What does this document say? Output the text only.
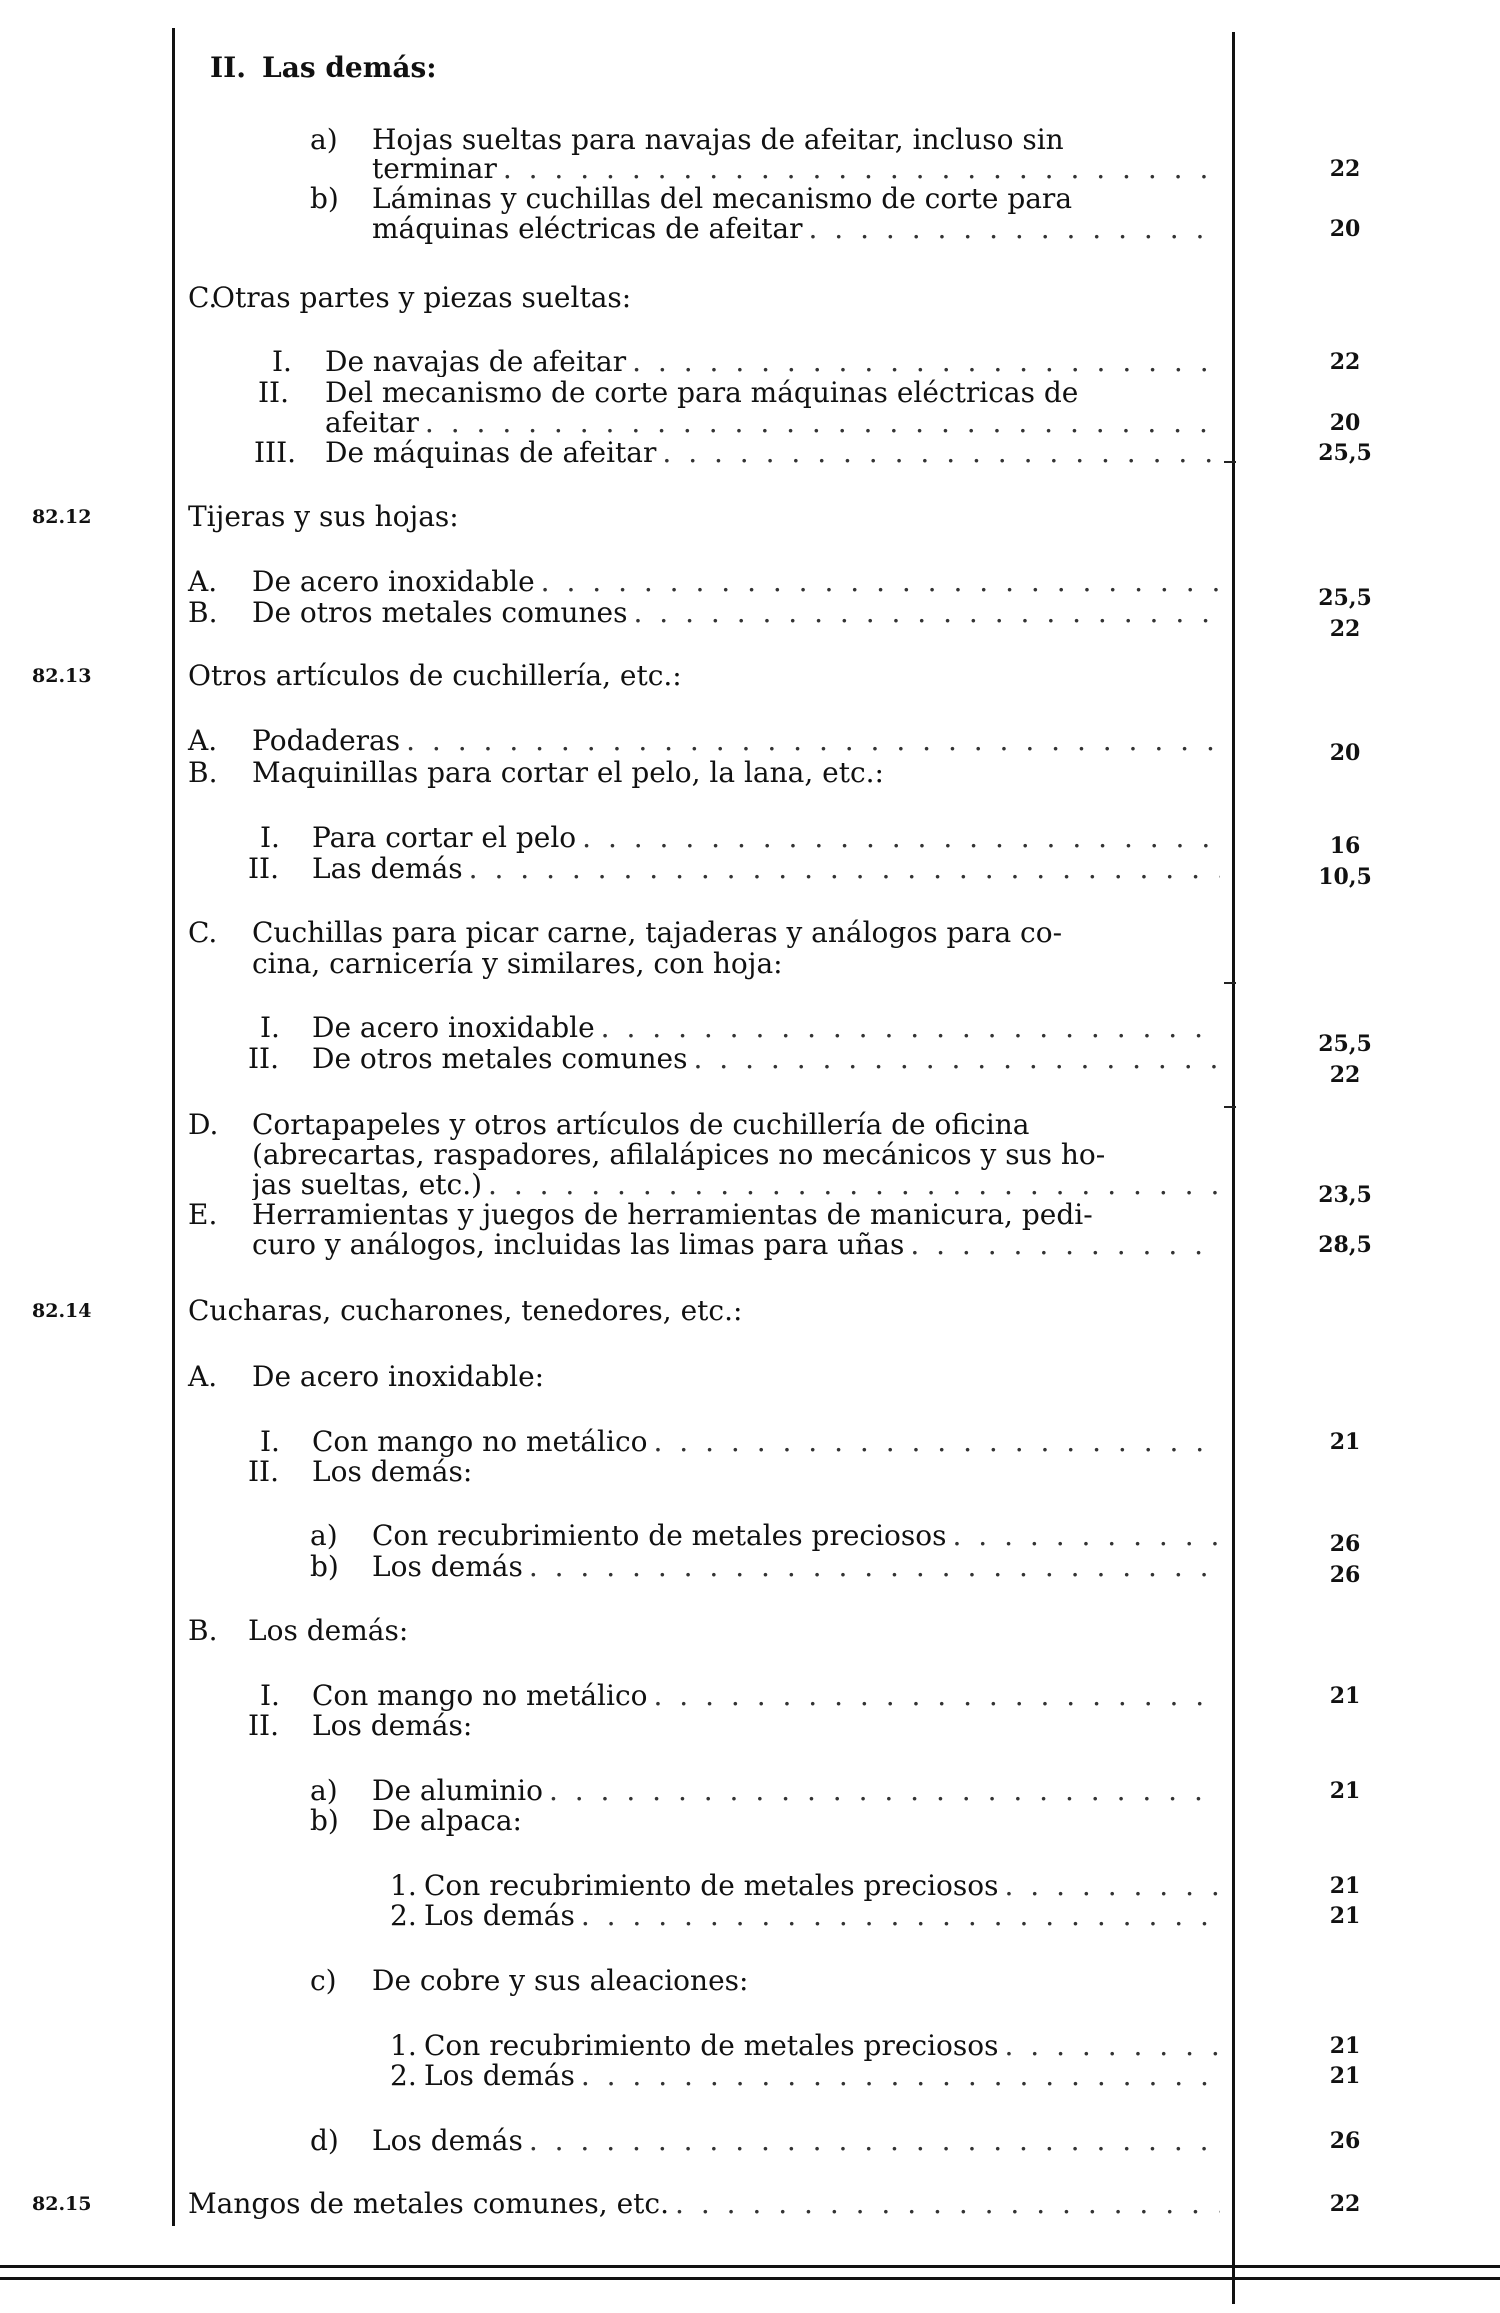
II. Las demás:
a) Hojas sueltas para navajas de afeitar, incluso sin
terminar . . .	22
b) Láminas y cuchillas del mecanismo de corte para
máquinas eléctricas de afeitar . . .	20
C.
Otras partes y piezas sueltas:
I. De navajas de afeitar . . .	22
II. Del mecanismo de corte para máquinas eléctricas de
afeitar . . .	20
III. De máquinas de afeitar . . .	25,5
82.12	Tijeras y sus hojas:
A. De acero inoxidable
. . .	25,5
B. De otros metales comunes
. . .	22
82.13	Otros artículos de cuchillería, etc.:
A. Podaderas . . .	20
B. Maquinillas para cortar el pelo, la lana, etc.:
I. Para cortar el pelo . . .	16
II. Las demás . . .	10,5
C. Cuchillas para picar carne, tajaderas y análogos para co-
cina, carnicería y similares, con hoja:
I. De acero inoxidable
. . .	25,5
II. De otros metales comunes
. . .	22
D. Cortapapeles y otros artículos de cuchillería de oficina
(abrecartas, raspadores, afilalápices no mecánicos y sus ho-
jas sueltas, etc.) . . .	23,5
E. Herramientas y juegos de herramientas de manicura, pedi-
curo y análogos, incluidas las limas para uñas . . .	28,5
82.14	Cucharas, cucharones, tenedores, etc.:
A. De acero inoxidable:
I. Con mango no metálico . . .	21
II. Los demás:
a) Con recubrimiento de metales preciosos . . .	26
b) Los demás . . .	26
B. Los demás:
I. Con mango no metálico . . .	21
II. Los demás:
a) De aluminio . . .	21
b) De alpaca:
1. Con recubrimiento de metales preciosos . . .	21
2. Los demás . . .	21
c) De cobre y sus aleaciones:
1. Con recubrimiento de metales preciosos . . .	21
2. Los demás . . .	21
d) Los demás . . .	26
82.15	Mangos de metales comunes, etc. . . .	22
